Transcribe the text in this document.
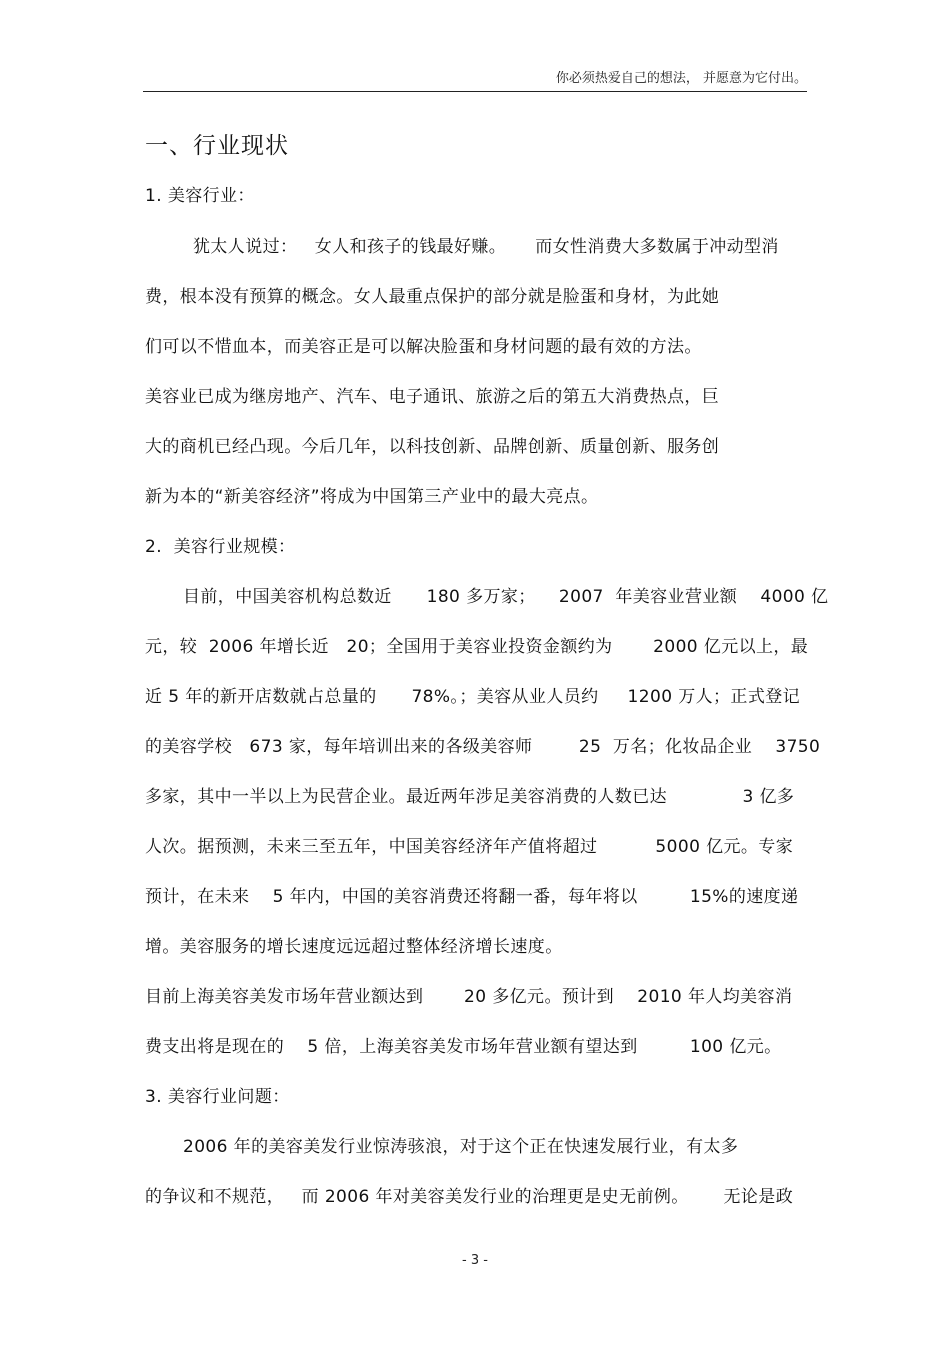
你必须热爱自己的想法， 并愿意为它付出。
一、行业现状
1. 美容行业：
犹太人说过：   女人和孩子的钱最好赚。     而女性消费大多数属于冲动型消
费，根本没有预算的概念。女人最重点保护的部分就是脸蛋和身材，为此她
们可以不惜血本，而美容正是可以解决脸蛋和身材问题的最有效的方法。
美容业已成为继房地产、汽车、电子通讯、旅游之后的第五大消费热点，巨
大的商机已经凸现。今后几年，以科技创新、品牌创新、质量创新、服务创
新为本的“新美容经济”将成为中国第三产业中的最大亮点。
2.  美容行业规模：
目前，中国美容机构总数近      180 多万家；    2007  年美容业营业额    4000 亿
元，较  2006 年增长近   20；全国用于美容业投资金额约为       2000 亿元以上，最
近 5 年的新开店数就占总量的      78%。；美容从业人员约     1200 万人；正式登记
的美容学校   673 家，每年培训出来的各级美容师        25  万名；化妆品企业    3750
多家，其中一半以上为民营企业。最近两年涉足美容消费的人数已达             3 亿多
人次。据预测，未来三至五年，中国美容经济年产值将超过          5000 亿元。专家
预计，在未来    5 年内，中国的美容消费还将翻一番，每年将以         15%的速度递
增。美容服务的增长速度远远超过整体经济增长速度。
目前上海美容美发市场年营业额达到       20 多亿元。预计到    2010 年人均美容消
费支出将是现在的    5 倍，上海美容美发市场年营业额有望达到         100 亿元。
3. 美容行业问题：
2006 年的美容美发行业惊涛骇浪，对于这个正在快速发展行业，有太多
的争议和不规范，   而 2006 年对美容美发行业的治理更是史无前例。      无论是政
- 3 -
